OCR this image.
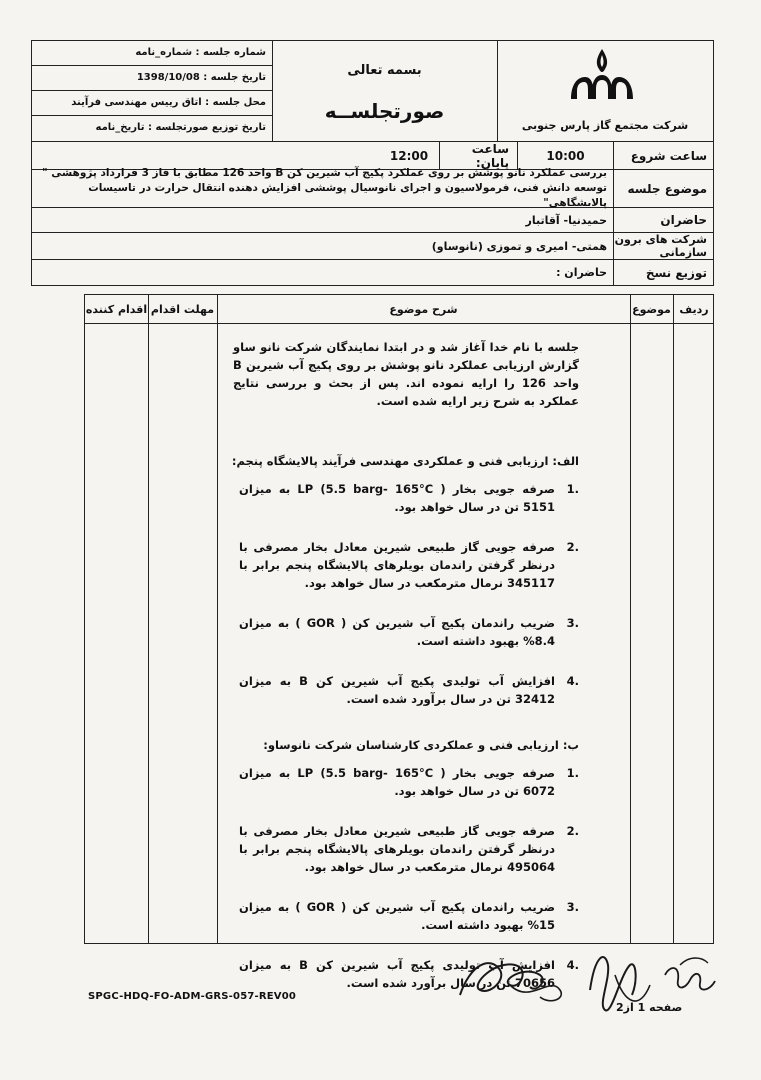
شماره جلسه : شماره_نامه
تاریخ جلسه : 1398/10/08
محل جلسه : اتاق رییس مهندسی فرآیند
تاریخ توزیع صورتجلسه : تاریخ_نامه
بسمه تعالی
صورتجلســه
شرکت مجتمع گاز پارس جنوبی
ساعت شروع
10:00
ساعت پایان:
12:00
موضوع جلسه
بررسی عملکرد نانو پوشش بر روی عملکرد پکیج آب شیرین کن B واحد 126 مطابق با فاز 3 قرارداد پژوهشی " توسعه دانش فنی، فرمولاسیون و اجرای نانوسیال پوششی افزایش دهنده انتقال حرارت در تاسیسات پالایشگاهی"
حاضران
حمیدنیا- آقاتبار
شرکت های برون سازمانی
همتی- امیری و تموزی (نانوساو)
توزیع نسخ
حاضران :
ردیف
موضوع
شرح موضوع
مهلت اقدام
اقدام کننده
جلسه با نام خدا آغاز شد و در ابتدا نمایندگان شرکت نانو ساو گزارش ارزیابی عملکرد نانو پوشش بر روی پکیج آب شیرین B واحد 126 را ارایه نموده اند. پس از بحث و بررسی نتایج عملکرد به شرح زیر ارایه شده است.
الف: ارزیابی فنی و عملکردی مهندسی فرآیند پالایشگاه پنجم:
.1
صرفه جویی بخار LP (5.5 barg- 165°C ) به میزان 5151 تن در سال خواهد بود.
.2
صرفه جویی گاز طبیعی شیرین معادل بخار مصرفی با درنظر گرفتن راندمان بویلرهای پالایشگاه پنجم برابر با 345117 نرمال مترمکعب در سال خواهد بود.
.3
ضریب راندمان پکیج آب شیرین کن ( GOR ) به میزان 8.4% بهبود داشته است.
.4
افزایش آب تولیدی پکیج آب شیرین کن B به میزان 32412 تن در سال برآورد شده است.
ب: ارزیابی فنی و عملکردی کارشناسان شرکت نانوساو:
.1
صرفه جویی بخار LP (5.5 barg- 165°C ) به میزان 6072 تن در سال خواهد بود.
.2
صرفه جویی گاز طبیعی شیرین معادل بخار مصرفی با درنظر گرفتن راندمان بویلرهای پالایشگاه پنجم برابر با 495064 نرمال مترمکعب در سال خواهد بود.
.3
ضریب راندمان پکیج آب شیرین کن ( GOR ) به میزان 15% بهبود داشته است.
.4
افزایش آب تولیدی پکیج آب شیرین کن B به میزان 70656 تن در سال برآورد شده است.
SPGC-HDQ-FO-ADM-GRS-057-REV00
صفحه 1 از2
